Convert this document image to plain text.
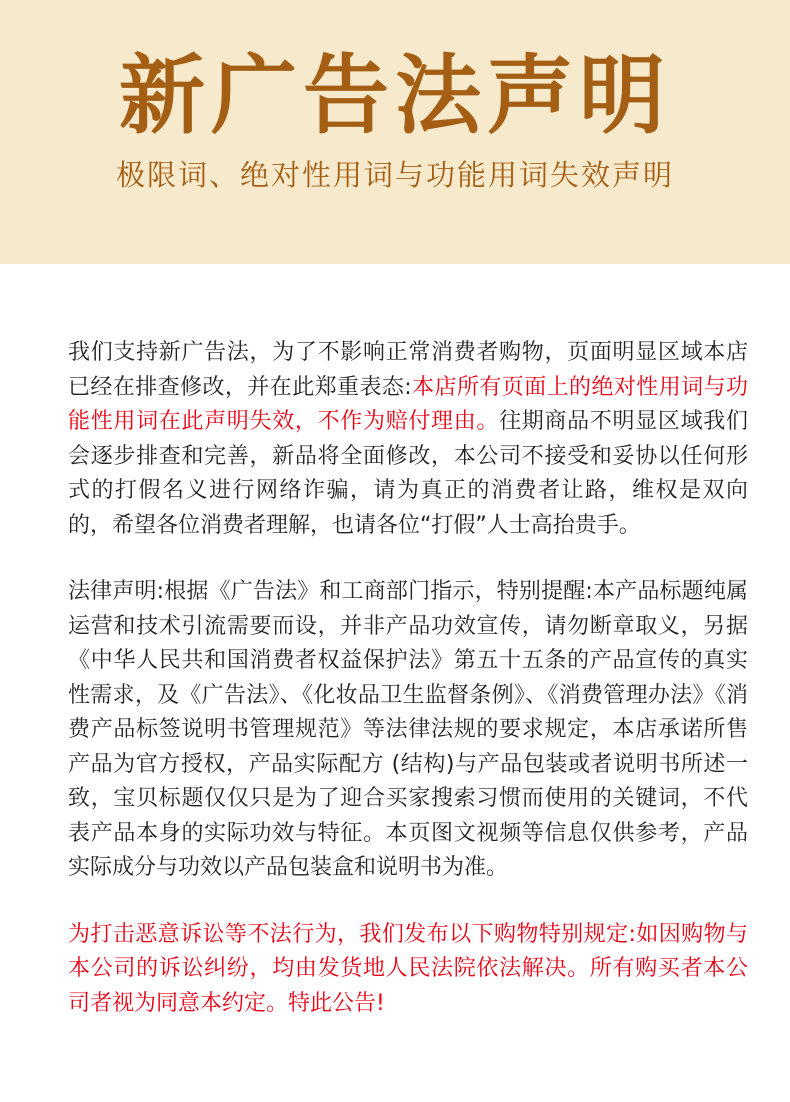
新广告法声明
极限词、绝对性用词与功能用词失效声明

我们支持新广告法，为了不影响正常消费者购物，页面明显区域本店已经在排查修改，并在此郑重表态:本店所有页面上的绝对性用词与功能性用词在此声明失效，不作为赔付理由。往期商品不明显区域我们会逐步排查和完善，新品将全面修改，本公司不接受和妥协以任何形式的打假名义进行网络诈骗，请为真正的消费者让路，维权是双向的，希望各位消费者理解，也请各位“打假”人士高抬贵手。

法律声明:根据《广告法》和工商部门指示，特别提醒:本产品标题纯属运营和技术引流需要而设，并非产品功效宣传，请勿断章取义，另据《中华人民共和国消费者权益保护法》第五十五条的产品宣传的真实性需求，及《广告法》、《化妆品卫生监督条例》、《消费管理办法》《消费产品标签说明书管理规范》等法律法规的要求规定，本店承诺所售产品为官方授权，产品实际配方 (结构)与产品包装或者说明书所述一致，宝贝标题仅仅只是为了迎合买家搜索习惯而使用的关键词，不代表产品本身的实际功效与特征。本页图文视频等信息仅供参考，产品实际成分与功效以产品包装盒和说明书为准。

为打击恶意诉讼等不法行为，我们发布以下购物特别规定:如因购物与本公司的诉讼纠纷，均由发货地人民法院依法解决。所有购买者本公司者视为同意本约定。特此公告!
